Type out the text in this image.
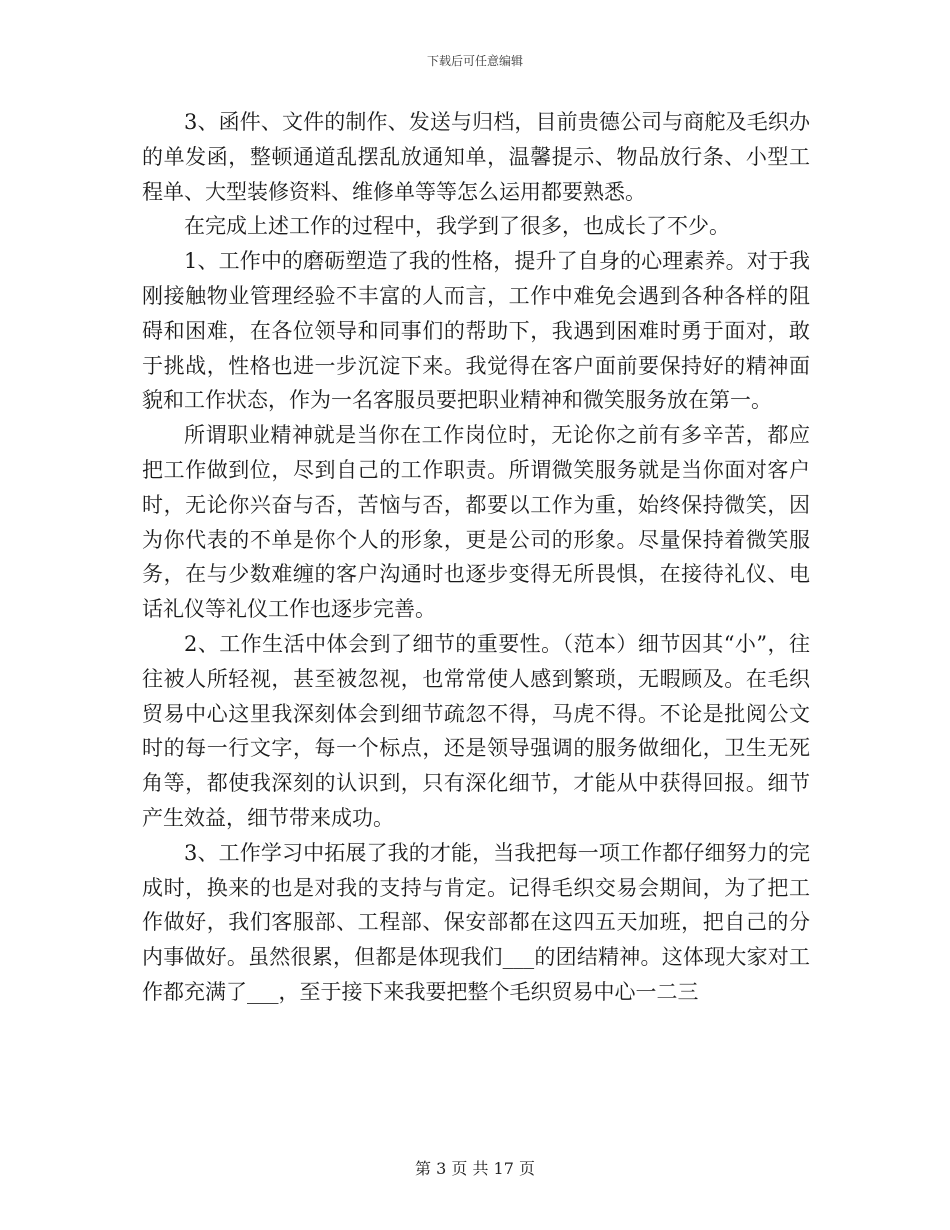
下载后可任意编辑

3、函件、文件的制作、发送与归档，目前贵德公司与商舵及毛织办的单发函，整顿通道乱摆乱放通知单，温馨提示、物品放行条、小型工程单、大型装修资料、维修单等等怎么运用都要熟悉。

在完成上述工作的过程中，我学到了很多，也成长了不少。

1、工作中的磨砺塑造了我的性格，提升了自身的心理素养。对于我刚接触物业管理经验不丰富的人而言，工作中难免会遇到各种各样的阻碍和困难，在各位领导和同事们的帮助下，我遇到困难时勇于面对，敢于挑战，性格也进一步沉淀下来。我觉得在客户面前要保持好的精神面貌和工作状态，作为一名客服员要把职业精神和微笑服务放在第一。

所谓职业精神就是当你在工作岗位时，无论你之前有多辛苦，都应把工作做到位，尽到自己的工作职责。所谓微笑服务就是当你面对客户时，无论你兴奋与否，苦恼与否，都要以工作为重，始终保持微笑，因为你代表的不单是你个人的形象，更是公司的形象。尽量保持着微笑服务，在与少数难缠的客户沟通时也逐步变得无所畏惧，在接待礼仪、电话礼仪等礼仪工作也逐步完善。

2、工作生活中体会到了细节的重要性。（范本）细节因其“小”，往往被人所轻视，甚至被忽视，也常常使人感到繁琐，无暇顾及。在毛织贸易中心这里我深刻体会到细节疏忽不得，马虎不得。不论是批阅公文时的每一行文字，每一个标点，还是领导强调的服务做细化，卫生无死角等，都使我深刻的认识到，只有深化细节，才能从中获得回报。细节产生效益，细节带来成功。

3、工作学习中拓展了我的才能，当我把每一项工作都仔细努力的完成时，换来的也是对我的支持与肯定。记得毛织交易会期间，为了把工作做好，我们客服部、工程部、保安部都在这四五天加班，把自己的分内事做好。虽然很累，但都是体现我们___的团结精神。这体现大家对工作都充满了___，至于接下来我要把整个毛织贸易中心一二三

第 3 页 共 17 页
